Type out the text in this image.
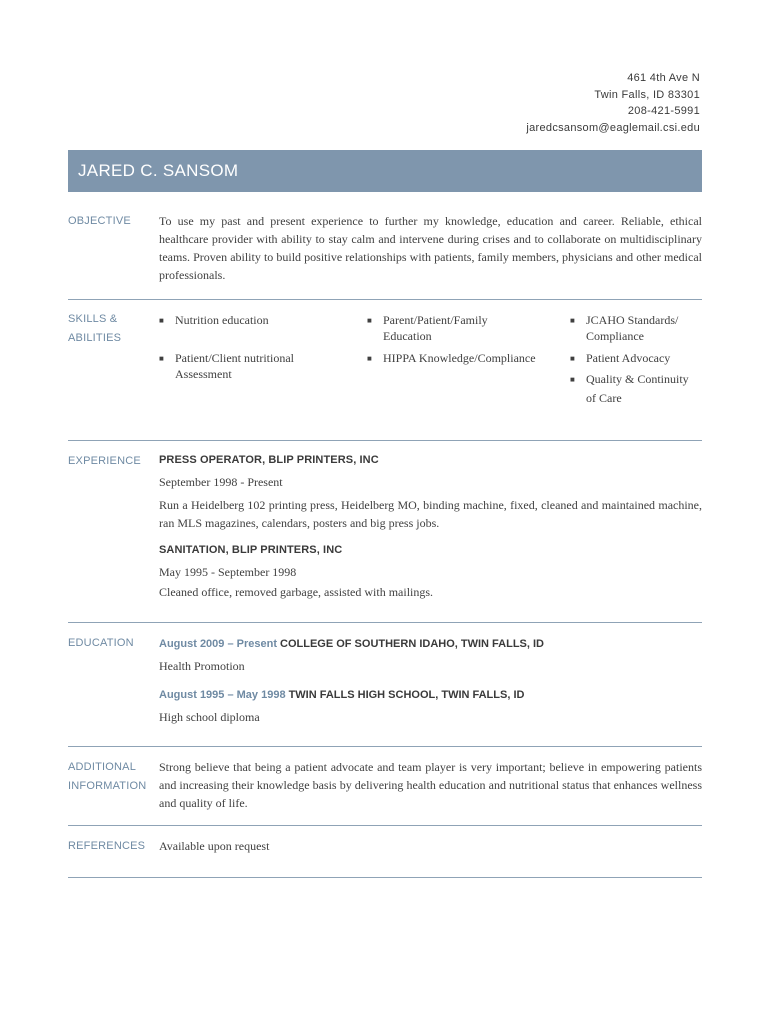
461 4th Ave N
Twin Falls, ID 83301
208-421-5991
jaredcsansom@eaglemail.csi.edu
JARED C. SANSOM
OBJECTIVE	To use my past and present experience to further my knowledge, education and career. Reliable, ethical healthcare provider with ability to stay calm and intervene during crises and to collaborate on multidisciplinary teams. Proven ability to build positive relationships with patients, family members, physicians and other medical professionals.
SKILLS &
ABILITIES
■ Nutrition education
■ Patient/Client nutritional
Assessment
■ Parent/Patient/Family
Education
■ HIPPA Knowledge/Compliance
■ JCAHO Standards/
Compliance
■ Patient Advocacy
■ Quality & Continuity
of Care
EXPERIENCE	PRESS OPERATOR, BLIP PRINTERS, INC
September 1998 - Present
Run a Heidelberg 102 printing press, Heidelberg MO, binding machine, fixed, cleaned and maintained machine, ran MLS magazines, calendars, posters and big press jobs.
SANITATION, BLIP PRINTERS, INC
May 1995 - September 1998
Cleaned office, removed garbage, assisted with mailings.
EDUCATION	August 2009 – Present COLLEGE OF SOUTHERN IDAHO, TWIN FALLS, ID
Health Promotion
August 1995 – May 1998 TWIN FALLS HIGH SCHOOL, TWIN FALLS, ID
High school diploma
ADDITIONAL
INFORMATION
Strong believe that being a patient advocate and team player is very important; believe in empowering patients and increasing their knowledge basis by delivering health education and nutritional status that enhances wellness and quality of life.
REFERENCES	Available upon request
